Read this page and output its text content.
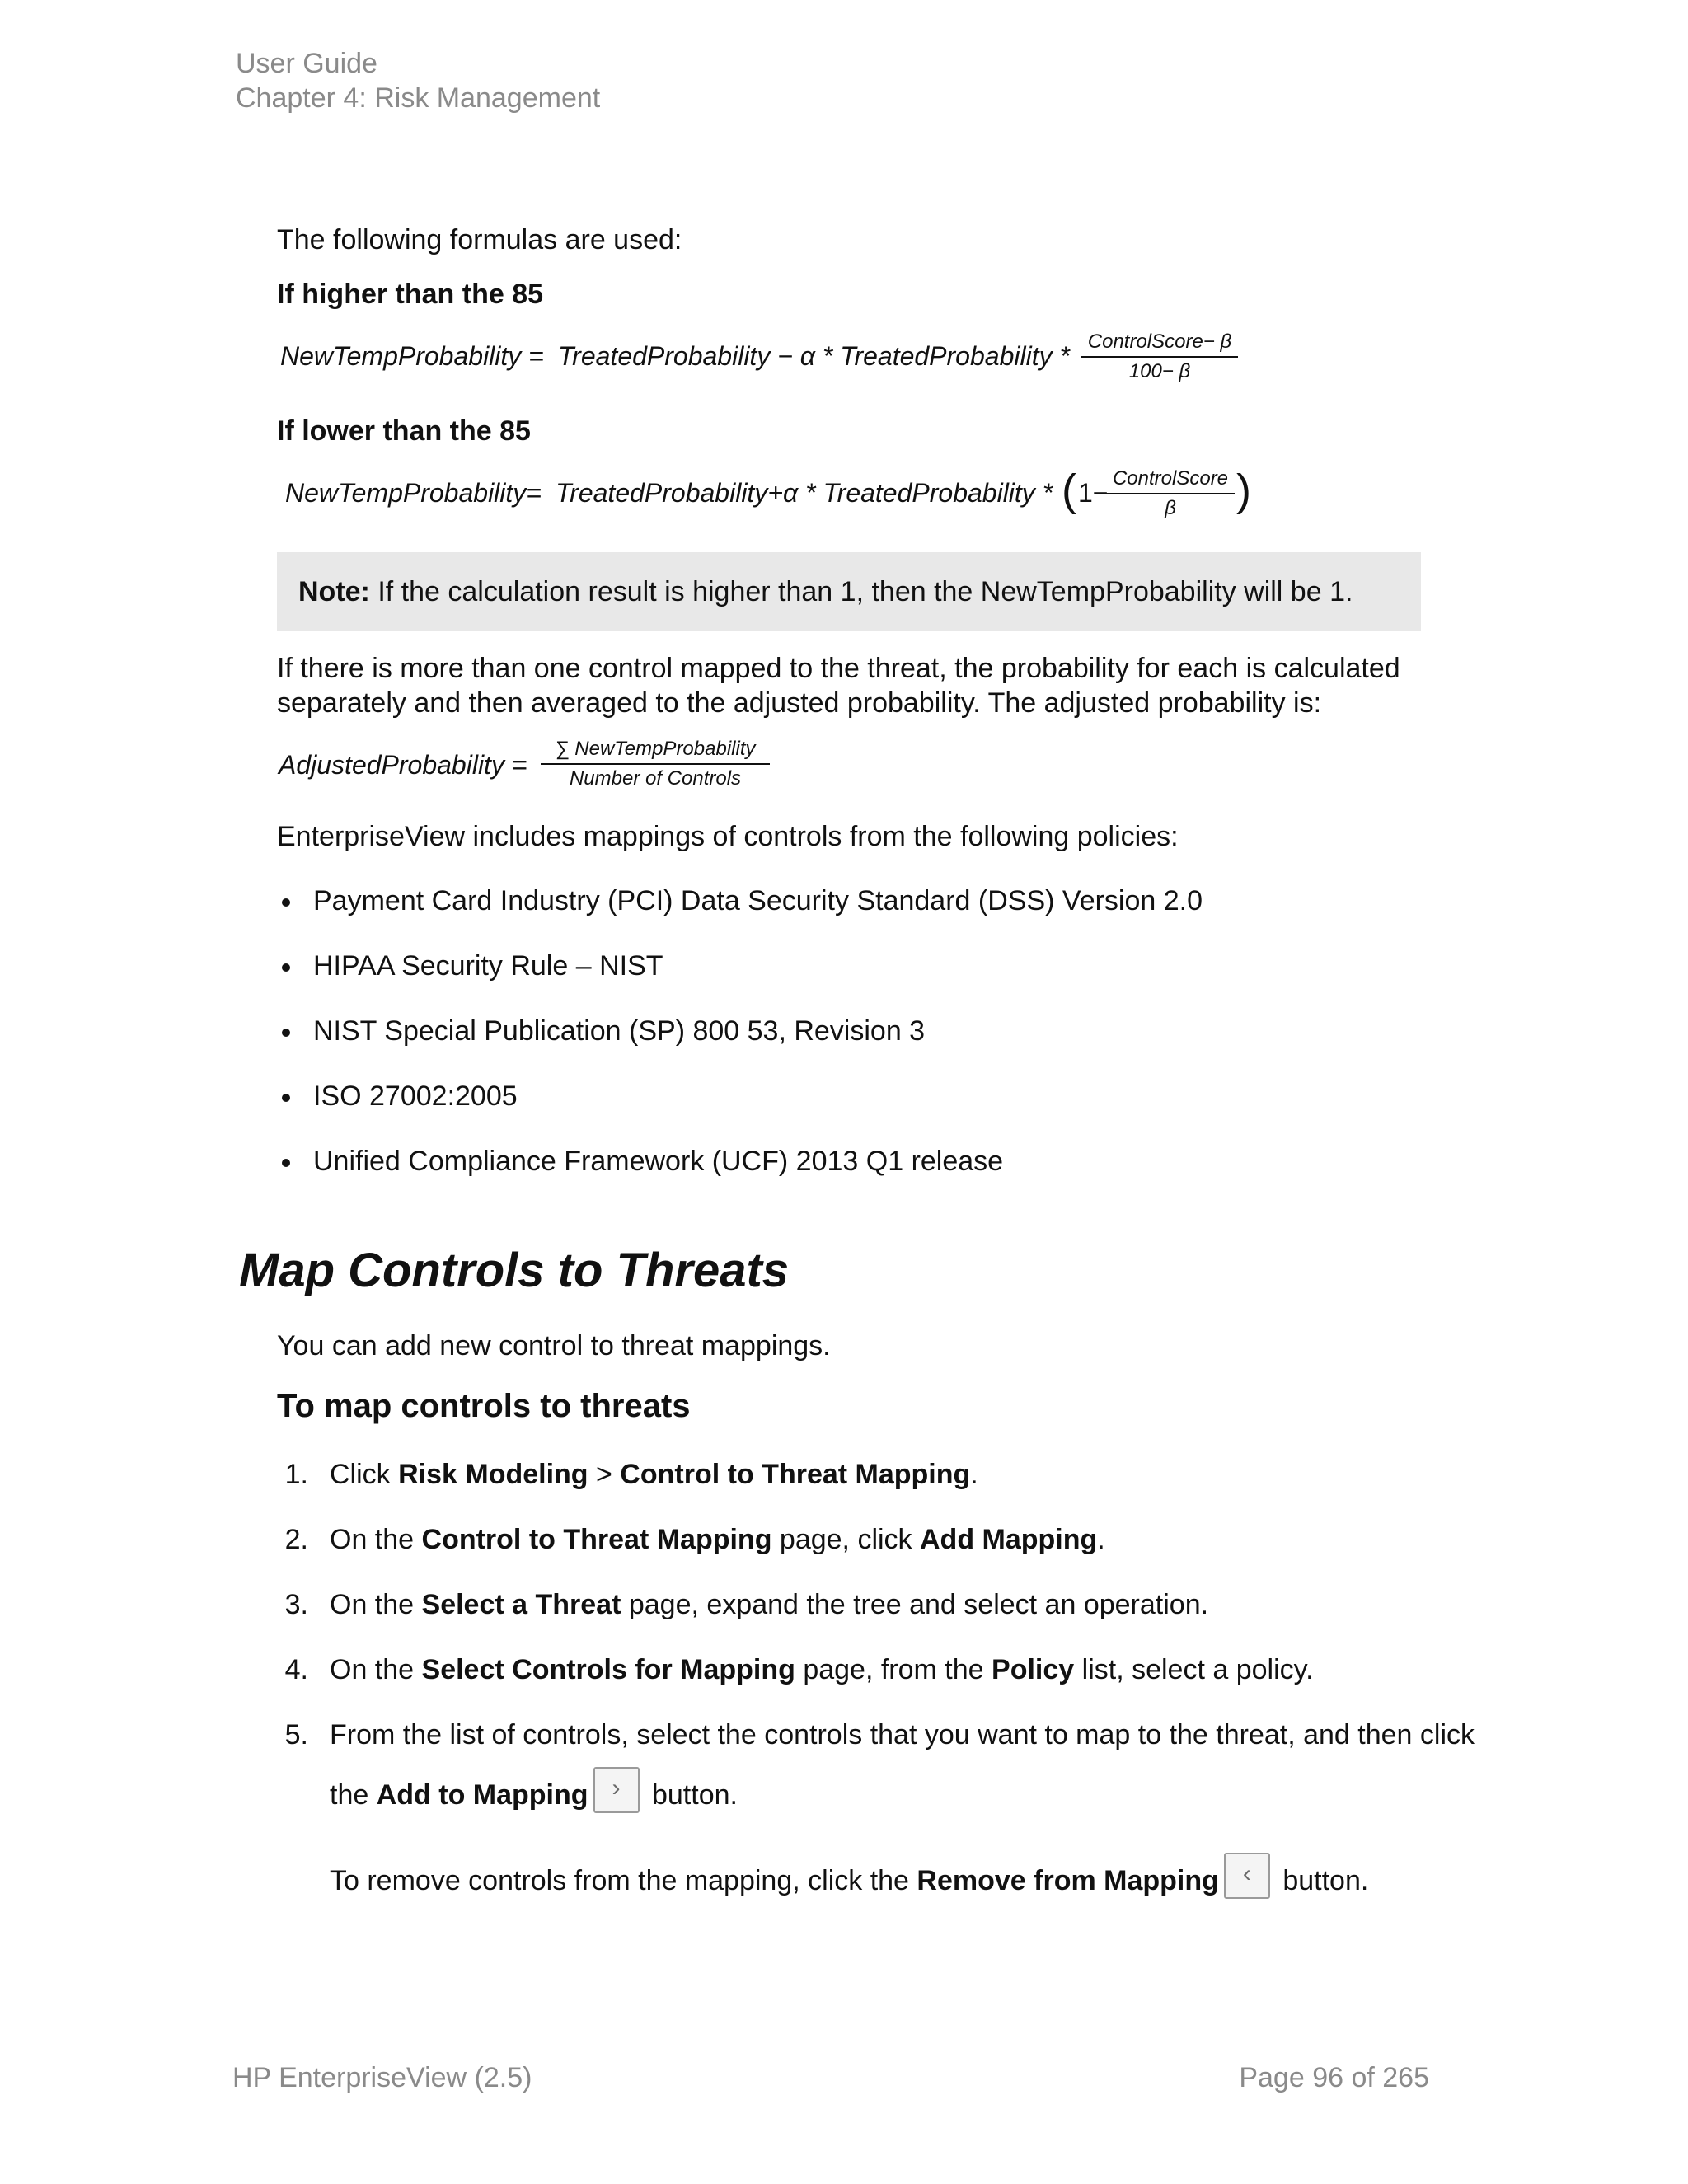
User Guide
Chapter 4: Risk Management
The following formulas are used:
If higher than the 85
NewTempProbability = TreatedProbability − α * TreatedProbability * ControlScore− β
100− β
If lower than the 85
NewTempProbability= TreatedProbability+α * TreatedProbability * ( 1− ControlScore
β	)
Note: If the calculation result is higher than 1, then the NewTempProbability will be 1.
If there is more than one control mapped to the threat, the probability for each is calculated
separately and then averaged to the adjusted probability. The adjusted probability is:
AdjustedProbability =
∑ NewTempProbability
Number of Controls
EnterpriseView includes mappings of controls from the following policies:
Payment Card Industry (PCI) Data Security Standard (DSS) Version 2.0
HIPAA Security Rule – NIST
NIST Special Publication (SP) 800 53, Revision 3
ISO 27002:2005
Unified Compliance Framework (UCF) 2013 Q1 release
Map Controls to Threats
You can add new control to threat mappings.
To map controls to threats
1. Click Risk Modeling > Control to Threat Mapping.
2. On the Control to Threat Mapping page, click Add Mapping.
3. On the Select a Threat page, expand the tree and select an operation.
4. On the Select Controls for Mapping page, from the Policy list, select a policy.
5. From the list of controls, select the controls that you want to map to the threat, and then click
the Add to Mapping › button.
To remove controls from the mapping, click the Remove from Mapping ‹ button.
HP EnterpriseView (2.5)	Page 96 of 265
